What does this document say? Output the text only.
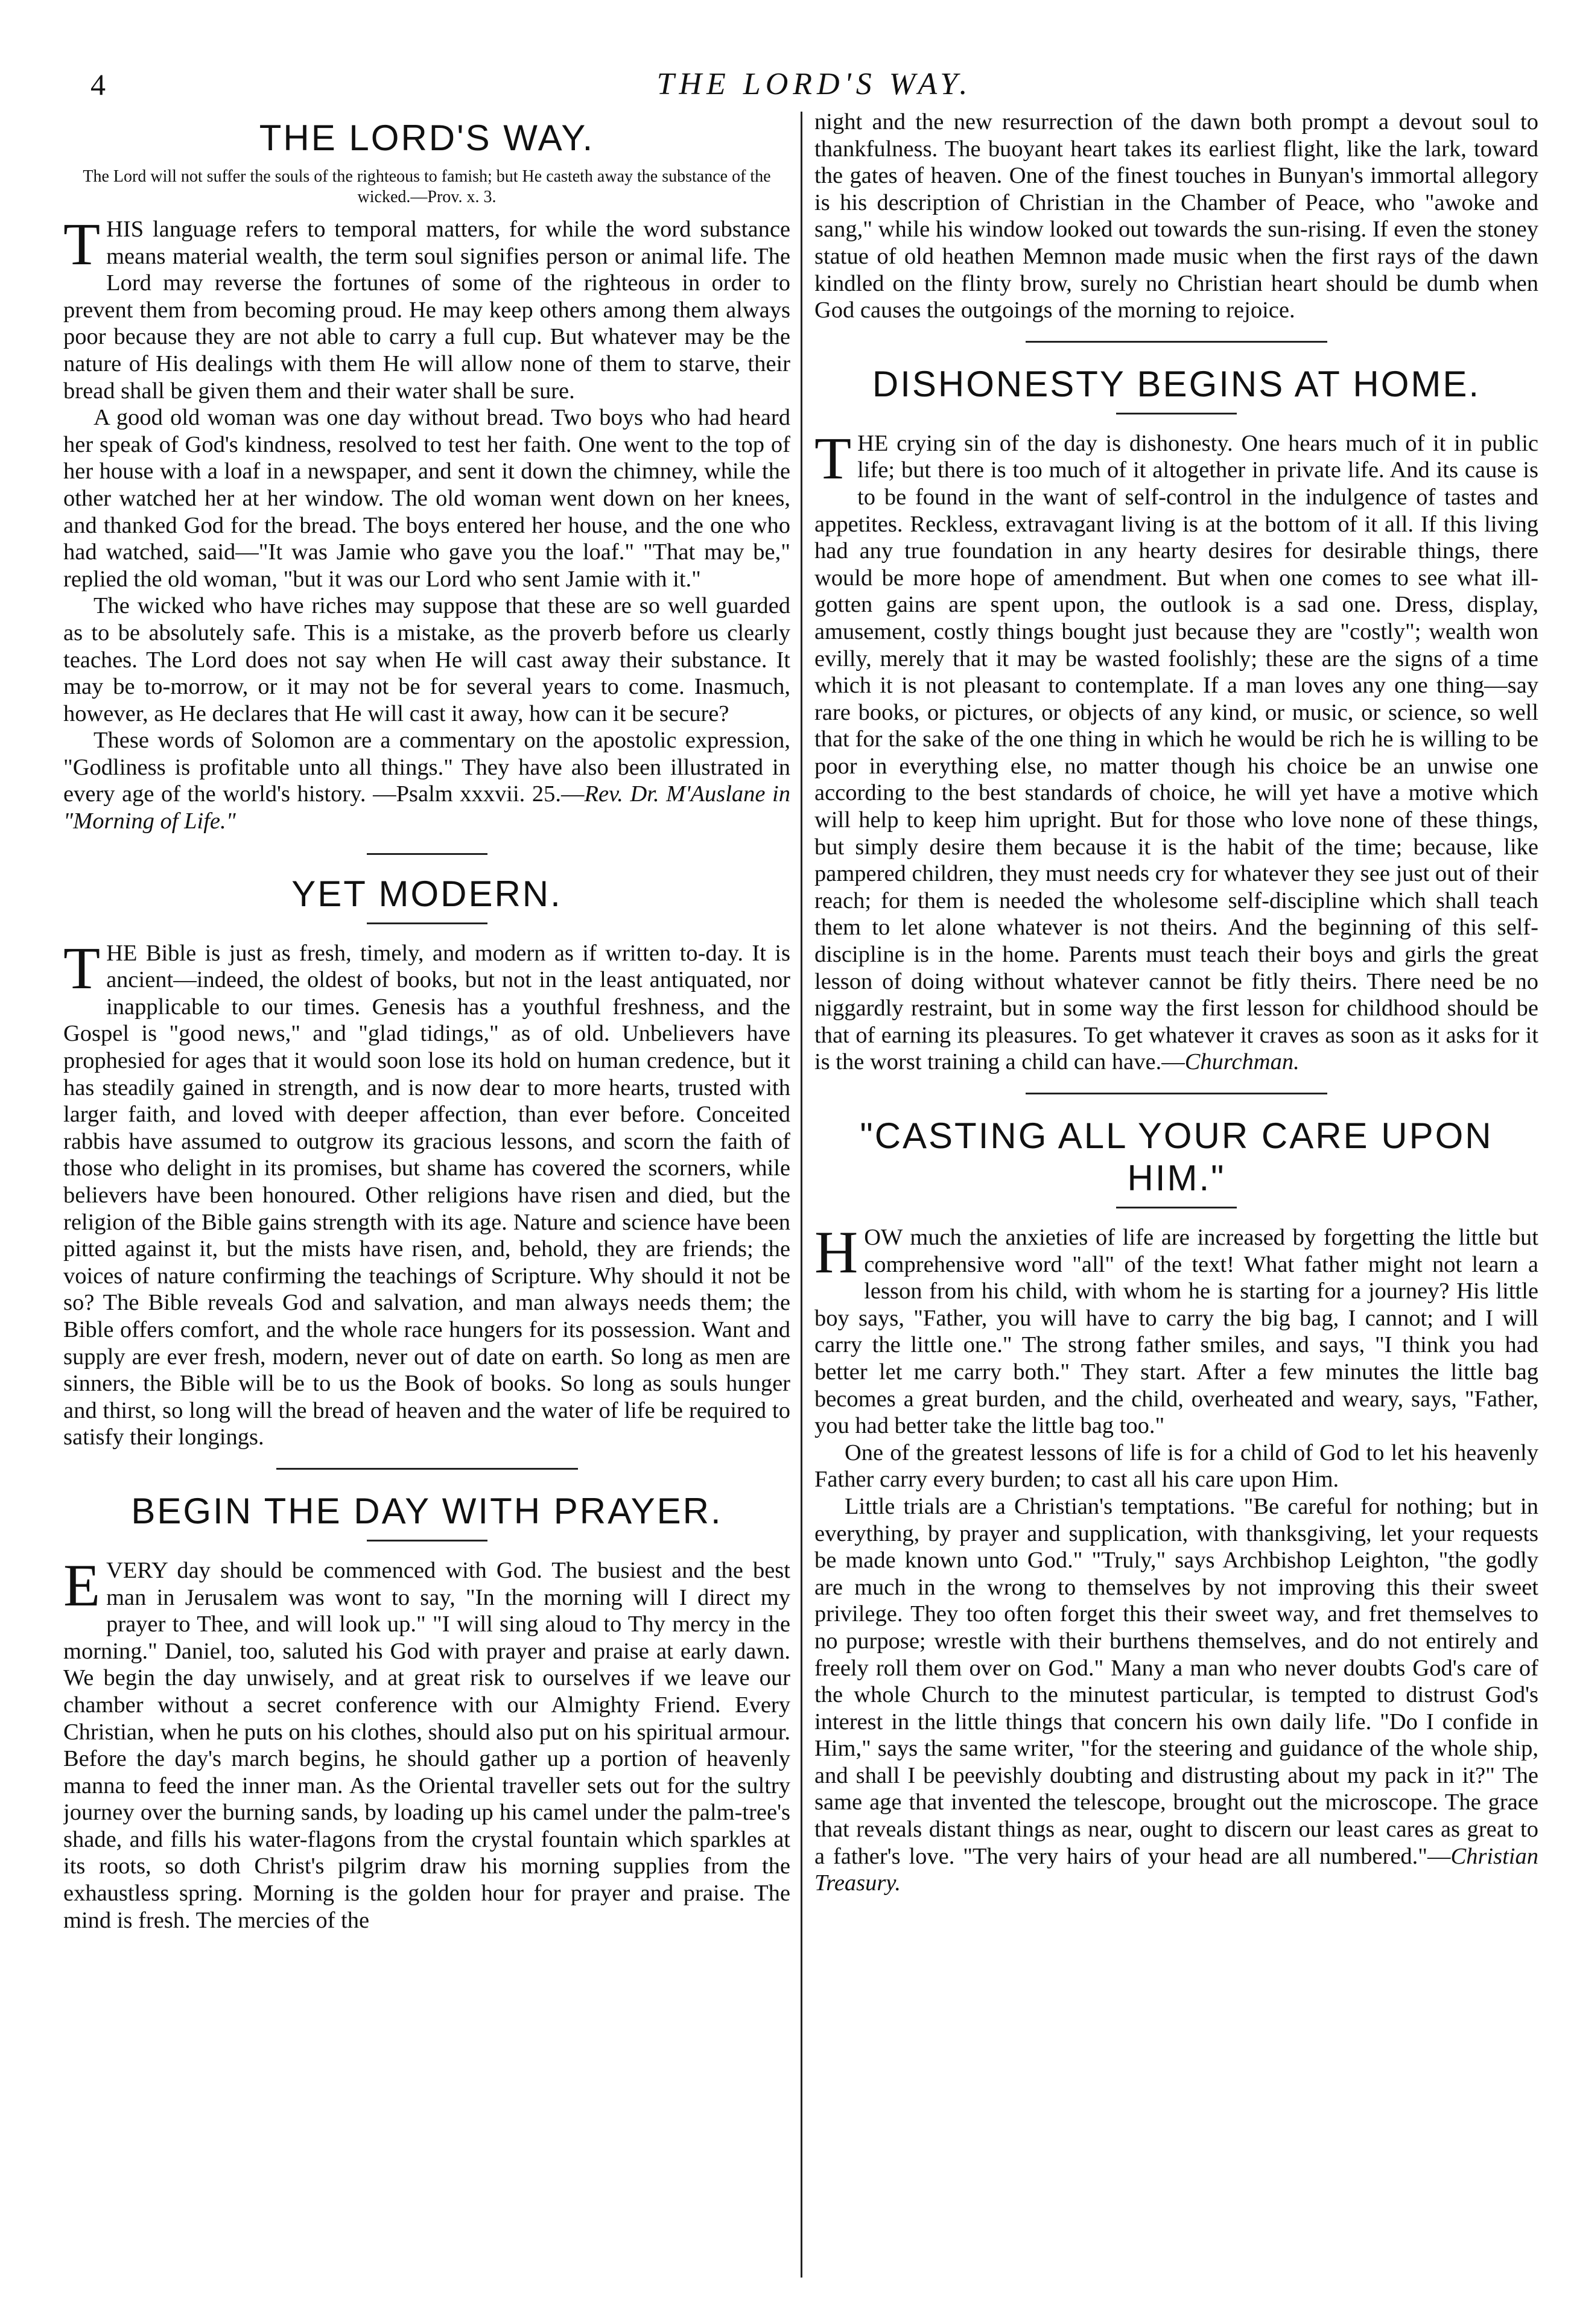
4	THE LORD'S WAY.
THE LORD'S WAY.
The Lord will not suffer the souls of the righteous to famish; but He casteth away the substance of the wicked.—Prov. x. 3.

THIS language refers to temporal matters, for while the word substance means material wealth, the term soul signifies person or animal life. The Lord may reverse the fortunes of some of the righteous in order to prevent them from becoming proud. He may keep others among them always poor because they are not able to carry a full cup. But whatever may be the nature of His dealings with them He will allow none of them to starve, their bread shall be given them and their water shall be sure.

A good old woman was one day without bread. Two boys who had heard her speak of God's kindness, resolved to test her faith. One went to the top of her house with a loaf in a newspaper, and sent it down the chimney, while the other watched her at her window. The old woman went down on her knees, and thanked God for the bread. The boys entered her house, and the one who had watched, said—"It was Jamie who gave you the loaf." "That may be," replied the old woman, "but it was our Lord who sent Jamie with it."

The wicked who have riches may suppose that these are so well guarded as to be absolutely safe. This is a mistake, as the proverb before us clearly teaches. The Lord does not say when He will cast away their substance. It may be to-morrow, or it may not be for several years to come. Inasmuch, however, as He declares that He will cast it away, how can it be secure?

These words of Solomon are a commentary on the apostolic expression, "Godliness is profitable unto all things." They have also been illustrated in every age of the world's history. —Psalm xxxvii. 25.—Rev. Dr. M'Auslane in "Morning of Life."

YET MODERN.

THE Bible is just as fresh, timely, and modern as if written to-day. It is ancient—indeed, the oldest of books, but not in the least antiquated, nor inapplicable to our times. Genesis has a youthful freshness, and the Gospel is "good news," and "glad tidings," as of old. Unbelievers have prophesied for ages that it would soon lose its hold on human credence, but it has steadily gained in strength, and is now dear to more hearts, trusted with larger faith, and loved with deeper affection, than ever before. Conceited rabbis have assumed to outgrow its gracious lessons, and scorn the faith of those who delight in its promises, but shame has covered the scorners, while believers have been honoured. Other religions have risen and died, but the religion of the Bible gains strength with its age. Nature and science have been pitted against it, but the mists have risen, and, behold, they are friends; the voices of nature confirming the teachings of Scripture. Why should it not be so? The Bible reveals God and salvation, and man always needs them; the Bible offers comfort, and the whole race hungers for its possession. Want and supply are ever fresh, modern, never out of date on earth. So long as men are sinners, the Bible will be to us the Book of books. So long as souls hunger and thirst, so long will the bread of heaven and the water of life be required to satisfy their longings.

BEGIN THE DAY WITH PRAYER.

EVERY day should be commenced with God. The busiest and the best man in Jerusalem was wont to say, "In the morning will I direct my prayer to Thee, and will look up." "I will sing aloud to Thy mercy in the morning." Daniel, too, saluted his God with prayer and praise at early dawn. We begin the day unwisely, and at great risk to ourselves if we leave our chamber without a secret conference with our Almighty Friend. Every Christian, when he puts on his clothes, should also put on his spiritual armour. Before the day's march begins, he should gather up a portion of heavenly manna to feed the inner man. As the Oriental traveller sets out for the sultry journey over the burning sands, by loading up his camel under the palm-tree's shade, and fills his water-flagons from the crystal fountain which sparkles at its roots, so doth Christ's pilgrim draw his morning supplies from the exhaustless spring. Morning is the golden hour for prayer and praise. The mind is fresh. The mercies of the

night and the new resurrection of the dawn both prompt a devout soul to thankfulness. The buoyant heart takes its earliest flight, like the lark, toward the gates of heaven. One of the finest touches in Bunyan's immortal allegory is his description of Christian in the Chamber of Peace, who "awoke and sang," while his window looked out towards the sun-rising. If even the stoney statue of old heathen Memnon made music when the first rays of the dawn kindled on the flinty brow, surely no Christian heart should be dumb when God causes the outgoings of the morning to rejoice.

DISHONESTY BEGINS AT HOME.

THE crying sin of the day is dishonesty. One hears much of it in public life; but there is too much of it altogether in private life. And its cause is to be found in the want of self-control in the indulgence of tastes and appetites. Reckless, extravagant living is at the bottom of it all. If this living had any true foundation in any hearty desires for desirable things, there would be more hope of amendment. But when one comes to see what ill-gotten gains are spent upon, the outlook is a sad one. Dress, display, amusement, costly things bought just because they are "costly"; wealth won evilly, merely that it may be wasted foolishly; these are the signs of a time which it is not pleasant to contemplate. If a man loves any one thing—say rare books, or pictures, or objects of any kind, or music, or science, so well that for the sake of the one thing in which he would be rich he is willing to be poor in everything else, no matter though his choice be an unwise one according to the best standards of choice, he will yet have a motive which will help to keep him upright. But for those who love none of these things, but simply desire them because it is the habit of the time; because, like pampered children, they must needs cry for whatever they see just out of their reach; for them is needed the wholesome self-discipline which shall teach them to let alone whatever is not theirs. And the beginning of this self-discipline is in the home. Parents must teach their boys and girls the great lesson of doing without whatever cannot be fitly theirs. There need be no niggardly restraint, but in some way the first lesson for childhood should be that of earning its pleasures. To get whatever it craves as soon as it asks for it is the worst training a child can have.—Churchman.

"CASTING ALL YOUR CARE UPON HIM."

HOW much the anxieties of life are increased by forgetting the little but comprehensive word "all" of the text! What father might not learn a lesson from his child, with whom he is starting for a journey? His little boy says, "Father, you will have to carry the big bag, I cannot; and I will carry the little one." The strong father smiles, and says, "I think you had better let me carry both." They start. After a few minutes the little bag becomes a great burden, and the child, overheated and weary, says, "Father, you had better take the little bag too."

One of the greatest lessons of life is for a child of God to let his heavenly Father carry every burden; to cast all his care upon Him.

Little trials are a Christian's temptations. "Be careful for nothing; but in everything, by prayer and supplication, with thanksgiving, let your requests be made known unto God." "Truly," says Archbishop Leighton, "the godly are much in the wrong to themselves by not improving this their sweet privilege. They too often forget this their sweet way, and fret themselves to no purpose; wrestle with their burthens themselves, and do not entirely and freely roll them over on God." Many a man who never doubts God's care of the whole Church to the minutest particular, is tempted to distrust God's interest in the little things that concern his own daily life. "Do I confide in Him," says the same writer, "for the steering and guidance of the whole ship, and shall I be peevishly doubting and distrusting about my pack in it?" The same age that invented the telescope, brought out the microscope. The grace that reveals distant things as near, ought to discern our least cares as great to a father's love. "The very hairs of your head are all numbered."—Christian Treasury.
